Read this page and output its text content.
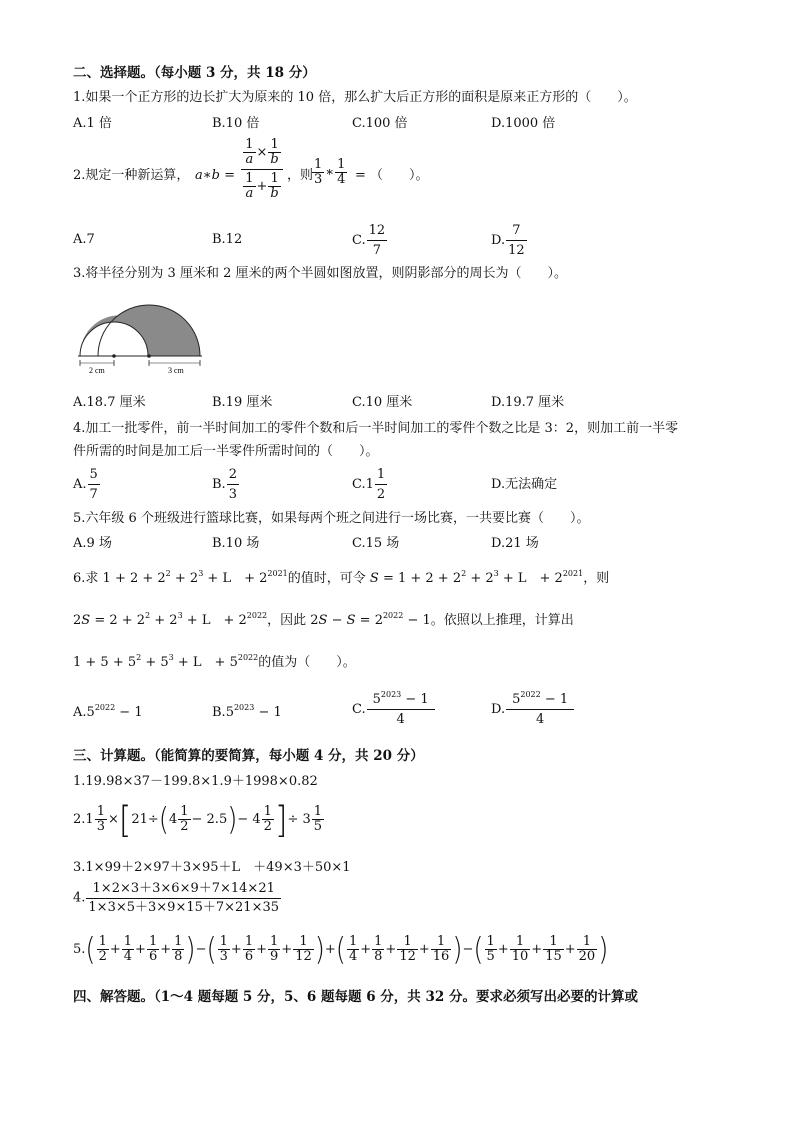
二、选择题。（每小题 3 分，共 18 分）
1.如果一个正方形的边长扩大为原来的 10 倍，那么扩大后正方形的面积是原来正方形的（　　）。
A.1 倍	B.10 倍	C.100 倍	D.1000 倍
2.规定一种新运算， a∗b =
$\frac{1}{a} \times \frac{1}{b}$
$\frac{1}{a} + \frac{1}{b}$ ，则
$\frac{1}{3}$ ∗ $\frac{1}{4}$ = （　　）。
A.7	B.12	C. $\frac{12}{7}$	D. $\frac{7}{12}$
3.将半径分别为 3 厘米和 2 厘米的两个半圆如图放置，则阴影部分的周长为（　　）。
2 cm	3 cm
A.18.7 厘米	B.19 厘米	C.10 厘米	D.19.7 厘米
4.加工一批零件，前一半时间加工的零件个数和后一半时间加工的零件个数之比是 3：2，则加工前一半零
件所需的时间是加工后一半零件所需时间的（　　）。
A. $\frac{5}{7}$	B. $\frac{2}{3}$	$C.1 \frac{1}{2}$	D.无法确定
5.六年级 6 个班级进行篮球比赛，如果每两个班之间进行一场比赛，一共要比赛（　　）。
A.9 场	B.10 场	C.15 场	D.21 场
6.求 $1 + 2 + 2^2 + 2^3 + L$　+ $2^{2021}$的值时，可令 $S = 1 + 2 + 2^2 + 2^3 + L$　+ $2^{2021}$，则
$2S = 2 + 2^2 + 2^3 + L$　+ $2^{2022}$，因此 $2S - S = 2^{2022} - 1$。依照以上推理，计算出
$1 + 5 + 5^2 + 5^3 + L$　+ $5^{2022}$的值为（　　）。
$A.5^{2022} - 1$	$B.5^{2023} - 1$	C. $\frac{5^{2023} - 1}{4}$	D. $\frac{5^{2022} - 1}{4}$
三、计算题。（能简算的要简算，每小题 4 分，共 20 分）
1.19.98×37－199.8×1.9＋1998×0.82
$2.1 \frac{1}{3} \times[21\div(4 \frac{1}{2} - 2.5)- 4 \frac{1}{2}$ ]÷ $3 \frac{1}{5}$
3.1×99＋2×97＋3×95＋L　＋49×3＋50×1
4. $\frac{1\times 2\times 3+3\times 6\times 9+7\times 14\times 21}{1\times 3\times 5+3\times 9\times 15+7\times 21\times 35}$
$5.( \frac{1}{2} + \frac{1}{4} + \frac{1}{6} + \frac{1}{8}$ )−( $\frac{1}{3} + \frac{1}{6} + \frac{1}{9} + \frac{1}{12}$ )+( $\frac{1}{4} + \frac{1}{8} + \frac{1}{12} + \frac{1}{16}$ )−( $\frac{1}{5} + \frac{1}{10} + \frac{1}{15} + \frac{1}{20}$ )
四、解答题。（1～4 题每题 5 分，5、6 题每题 6 分，共 32 分。要求必须写出必要的计算或
